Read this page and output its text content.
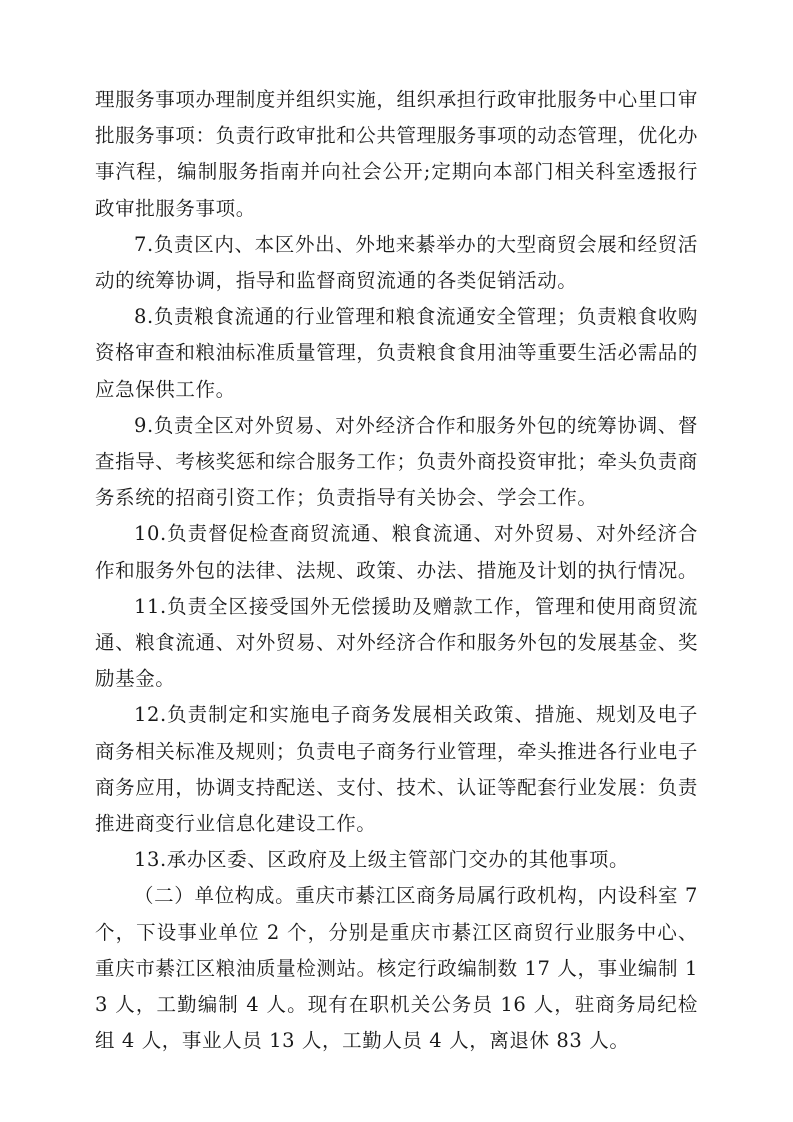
理服务事项办理制度并组织实施，组织承担行政审批服务中心里口审批服务事项：负责行政审批和公共管理服务事项的动态管理，优化办事汽程，编制服务指南并向社会公开;定期向本部门相关科室透报行政审批服务事项。

7.负责区内、本区外出、外地来綦举办的大型商贸会展和经贸活动的统筹协调，指导和监督商贸流通的各类促销活动。

8.负责粮食流通的行业管理和粮食流通安全管理；负责粮食收购资格审查和粮油标准质量管理，负责粮食食用油等重要生活必需品的应急保供工作。

9.负责全区对外贸易、对外经济合作和服务外包的统筹协调、督查指导、考核奖惩和综合服务工作；负责外商投资审批；牵头负责商务系统的招商引资工作；负责指导有关协会、学会工作。

10.负责督促检查商贸流通、粮食流通、对外贸易、对外经济合作和服务外包的法律、法规、政策、办法、措施及计划的执行情况。

11.负责全区接受国外无偿援助及赠款工作，管理和使用商贸流通、粮食流通、对外贸易、对外经济合作和服务外包的发展基金、奖励基金。

12.负责制定和实施电子商务发展相关政策、措施、规划及电子商务相关标准及规则；负责电子商务行业管理，牵头推进各行业电子商务应用，协调支持配送、支付、技术、认证等配套行业发展：负责推进商变行业信息化建设工作。

13.承办区委、区政府及上级主管部门交办的其他事项。

（二）单位构成。重庆市綦江区商务局属行政机构，内设科室 7 个，下设事业单位 2 个，分别是重庆市綦江区商贸行业服务中心、重庆市綦江区粮油质量检测站。核定行政编制数 17 人，事业编制 13 人，工勤编制 4 人。现有在职机关公务员 16 人，驻商务局纪检组 4 人，事业人员 13 人，工勤人员 4 人，离退休 83 人。
